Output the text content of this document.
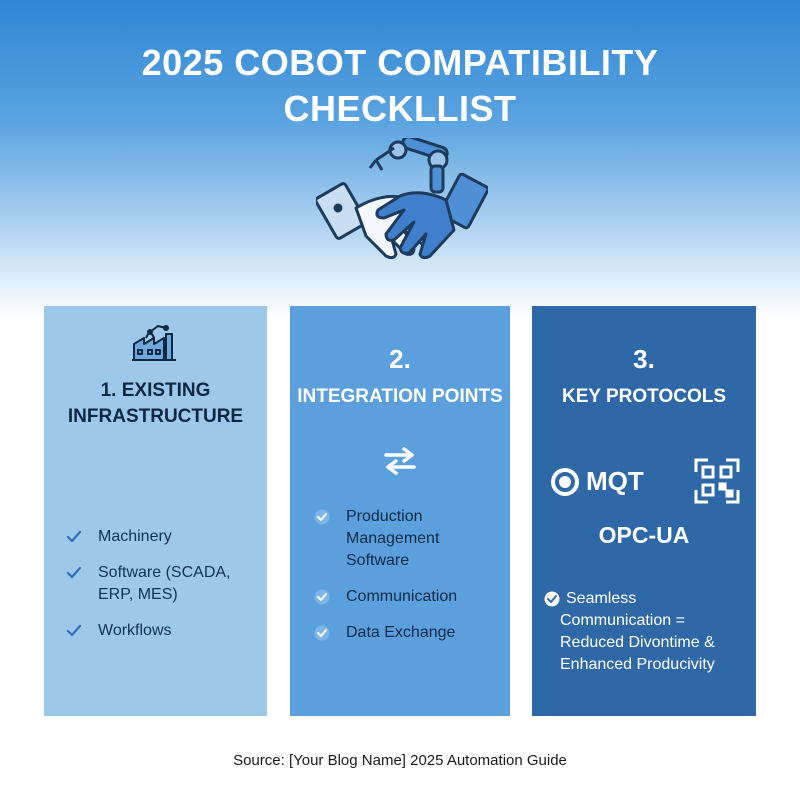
2025 COBOT COMPATIBILITY
CHECKLLIST
1. EXISTING
INFRASTRUCTURE
Machinery
Software (SCADA, ERP, MES)
Workflows
2.
INTEGRATION POINTS
Production Management Software
Communication
Data Exchange
3.
KEY PROTOCOLS
MQT
OPC-UA
Seamless
Communication =
Reduced Divontime &
Enhanced Producivity
Source: [Your Blog Name] 2025 Automation Guide
